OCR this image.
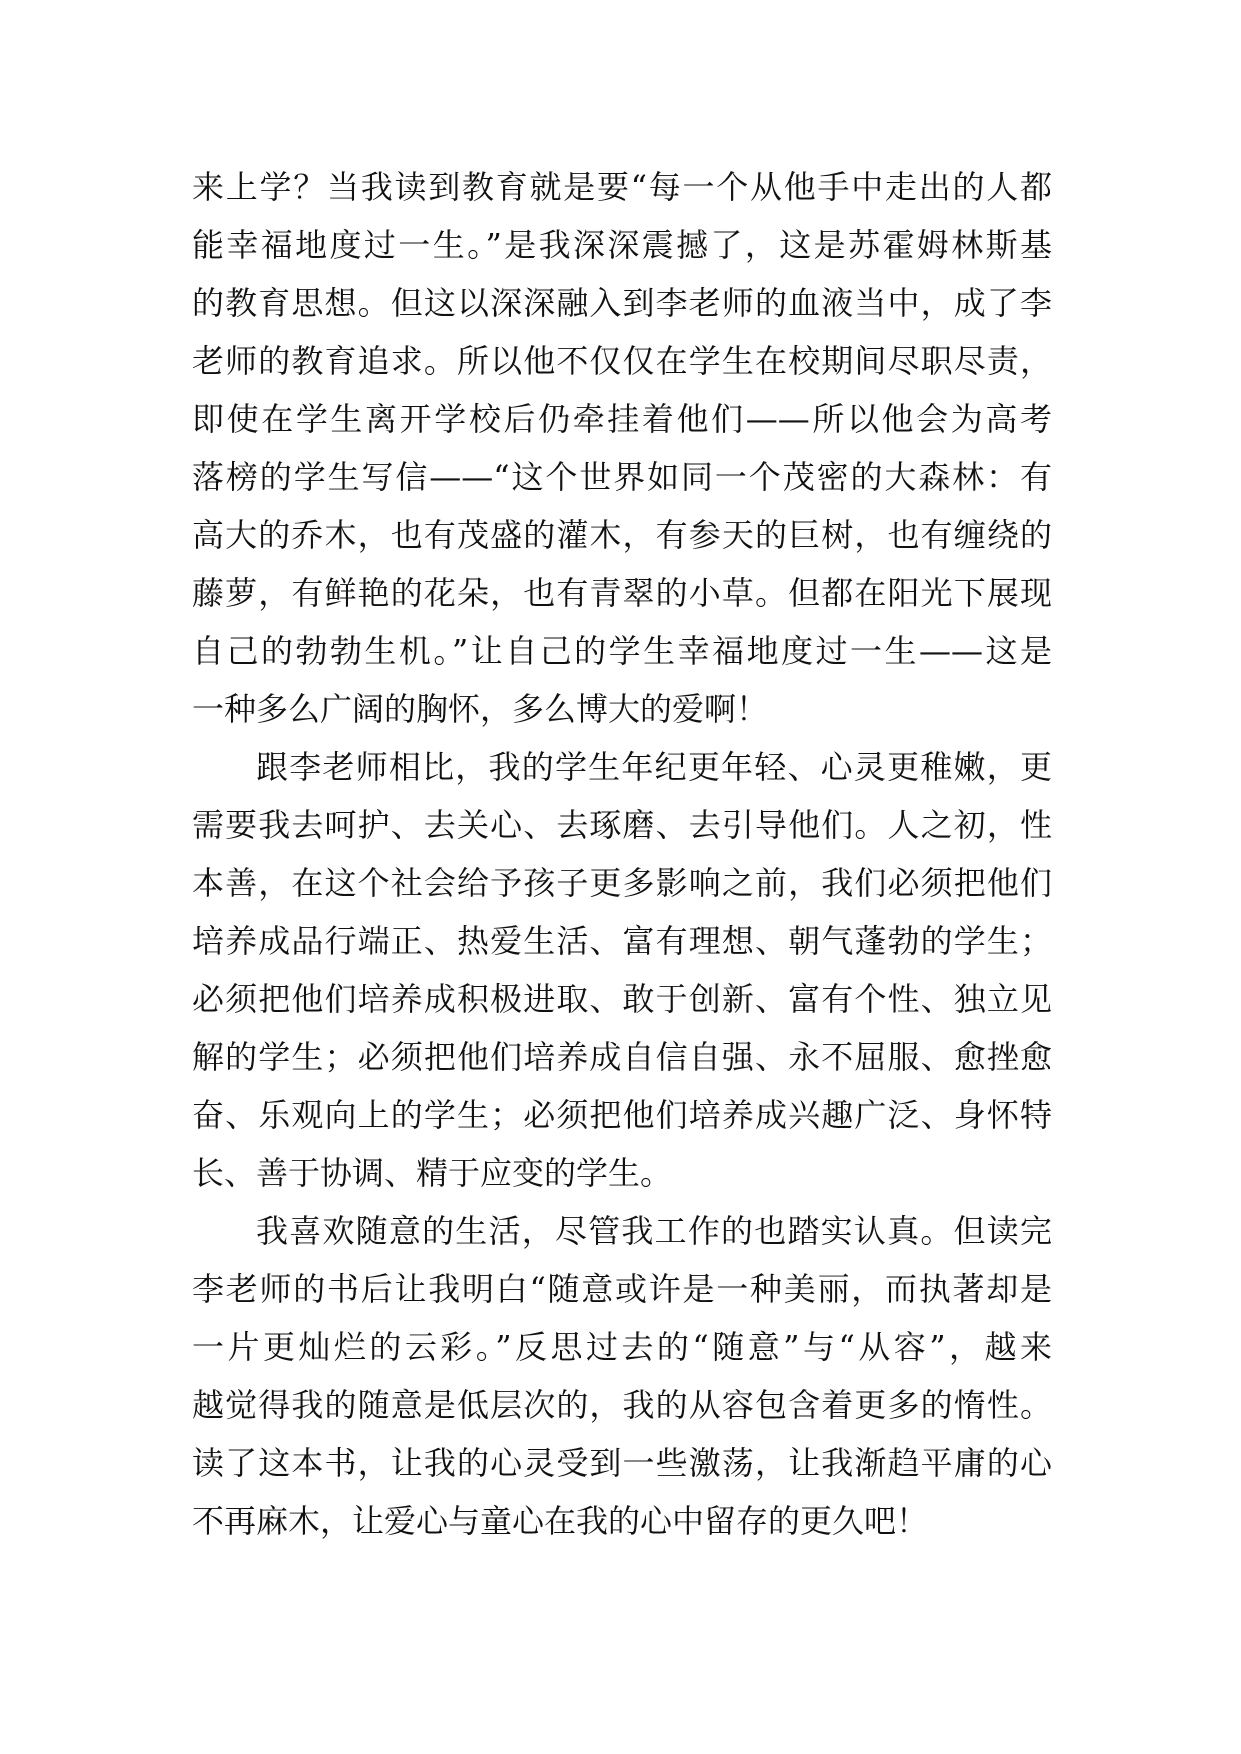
来上学？当我读到教育就是要“每一个从他手中走出的人都
能幸福地度过一生。”是我深深震撼了，这是苏霍姆林斯基
的教育思想。但这以深深融入到李老师的血液当中，成了李
老师的教育追求。所以他不仅仅在学生在校期间尽职尽责，
即使在学生离开学校后仍牵挂着他们——所以他会为高考
落榜的学生写信——“这个世界如同一个茂密的大森林：有
高大的乔木，也有茂盛的灌木，有参天的巨树，也有缠绕的
藤萝，有鲜艳的花朵，也有青翠的小草。但都在阳光下展现
自己的勃勃生机。”让自己的学生幸福地度过一生——这是
一种多么广阔的胸怀，多么博大的爱啊！
跟李老师相比，我的学生年纪更年轻、心灵更稚嫩，更
需要我去呵护、去关心、去琢磨、去引导他们。人之初，性
本善，在这个社会给予孩子更多影响之前，我们必须把他们
培养成品行端正、热爱生活、富有理想、朝气蓬勃的学生；
必须把他们培养成积极进取、敢于创新、富有个性、独立见
解的学生；必须把他们培养成自信自强、永不屈服、愈挫愈
奋、乐观向上的学生；必须把他们培养成兴趣广泛、身怀特
长、善于协调、精于应变的学生。
我喜欢随意的生活，尽管我工作的也踏实认真。但读完
李老师的书后让我明白“随意或许是一种美丽，而执著却是
一片更灿烂的云彩。”反思过去的“随意”与“从容”，越来
越觉得我的随意是低层次的，我的从容包含着更多的惰性。
读了这本书，让我的心灵受到一些激荡，让我渐趋平庸的心
不再麻木，让爱心与童心在我的心中留存的更久吧！
